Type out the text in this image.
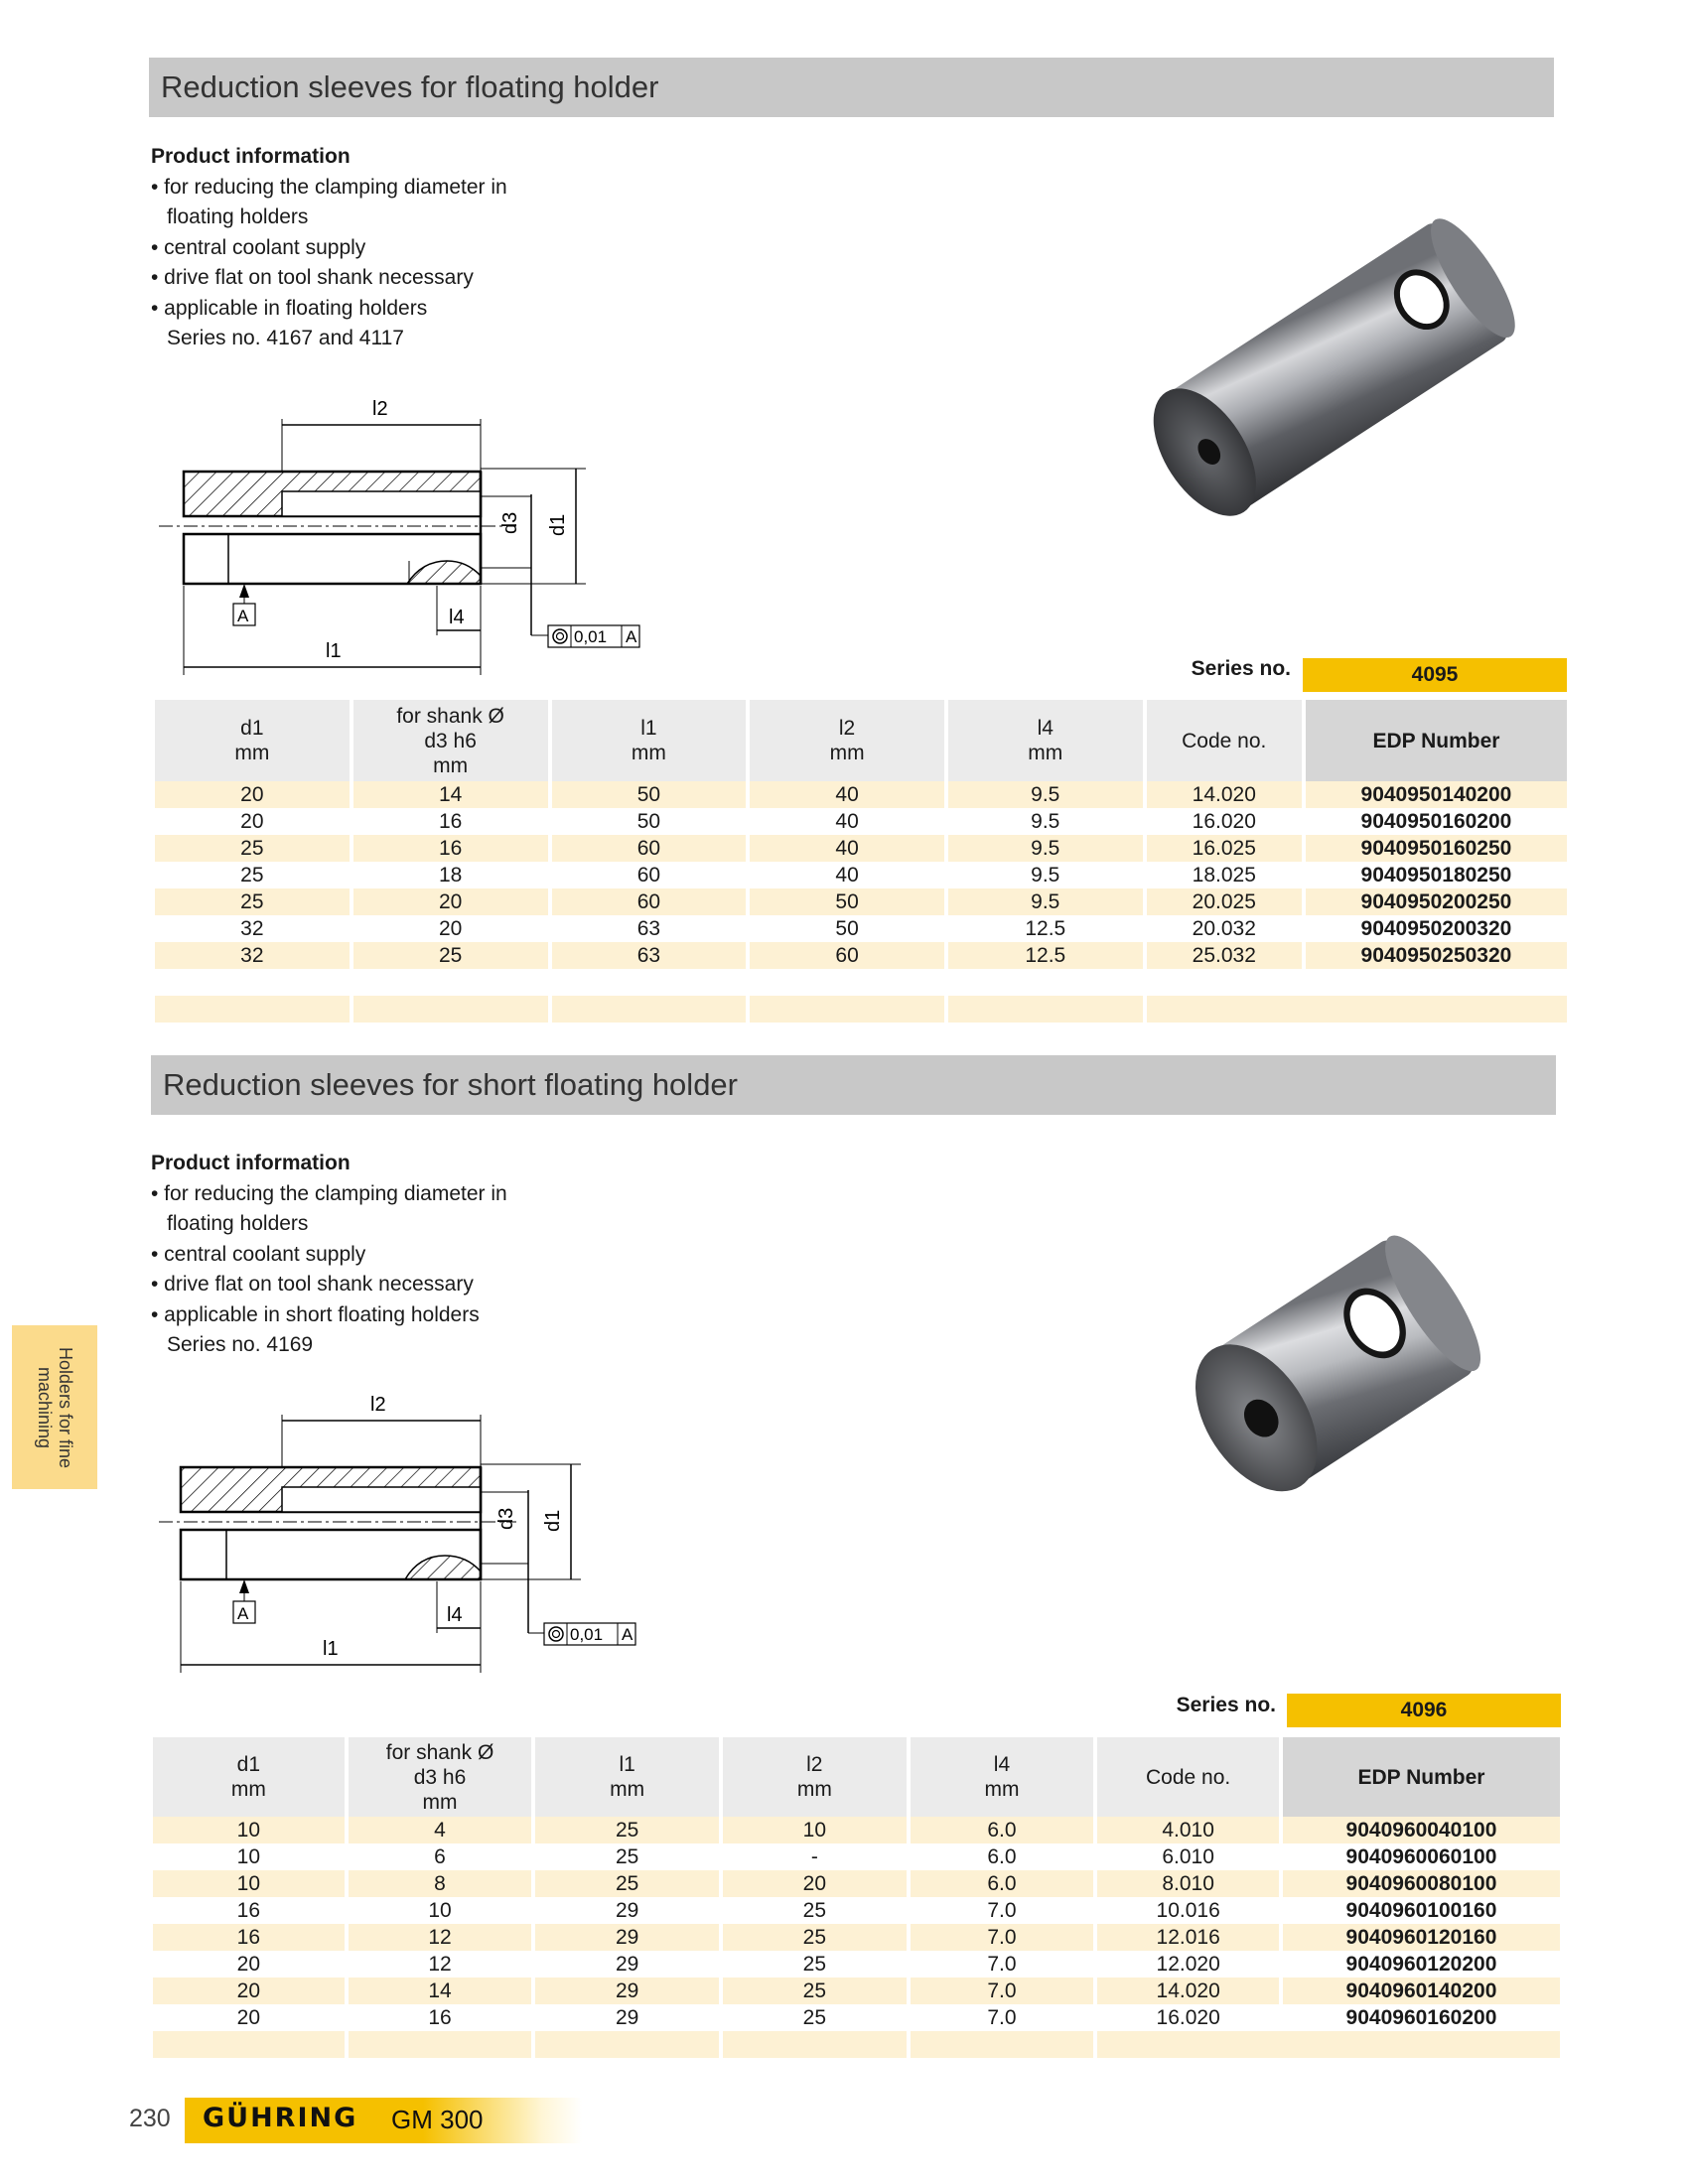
Reduction sleeves for floating holder
Product information
• for reducing the clamping diameter in floating holders
• central coolant supply
• drive flat on tool shank necessary
• applicable in floating holders Series no. 4167 and 4117
l2
d3 d1
l4
l1
A
0,01 A
Series no.	4095
d1
mm	for shank Ø
d3 h6
mm	l1
mm	l2
mm	l4
mm	Code no.	EDP Number
20	14	50	40	9.5	14.020	9040950140200
20	16	50	40	9.5	16.020	9040950160200
25	16	60	40	9.5	16.025	9040950160250
25	18	60	40	9.5	18.025	9040950180250
25	20	60	50	9.5	20.025	9040950200250
32	20	63	50	12.5	20.032	9040950200320
32	25	63	60	12.5	25.032	9040950250320

Reduction sleeves for short floating holder
Product information
• for reducing the clamping diameter in floating holders
• central coolant supply
• drive flat on tool shank necessary
• applicable in short floating holders Series no. 4169
l2
d3 d1
l4
l1
A
0,01 A
Series no.	4096
d1
mm	for shank Ø
d3 h6
mm	l1
mm	l2
mm	l4
mm	Code no.	EDP Number
10	4	25	10	6.0	4.010	9040960040100
10	6	25	-	6.0	6.010	9040960060100
10	8	25	20	6.0	8.010	9040960080100
16	10	29	25	7.0	10.016	9040960100160
16	12	29	25	7.0	12.016	9040960120160
20	12	29	25	7.0	12.020	9040960120200
20	14	29	25	7.0	14.020	9040960140200
20	16	29	25	7.0	16.020	9040960160200

Holders for fine machining
230 GÜHRING GM 300
